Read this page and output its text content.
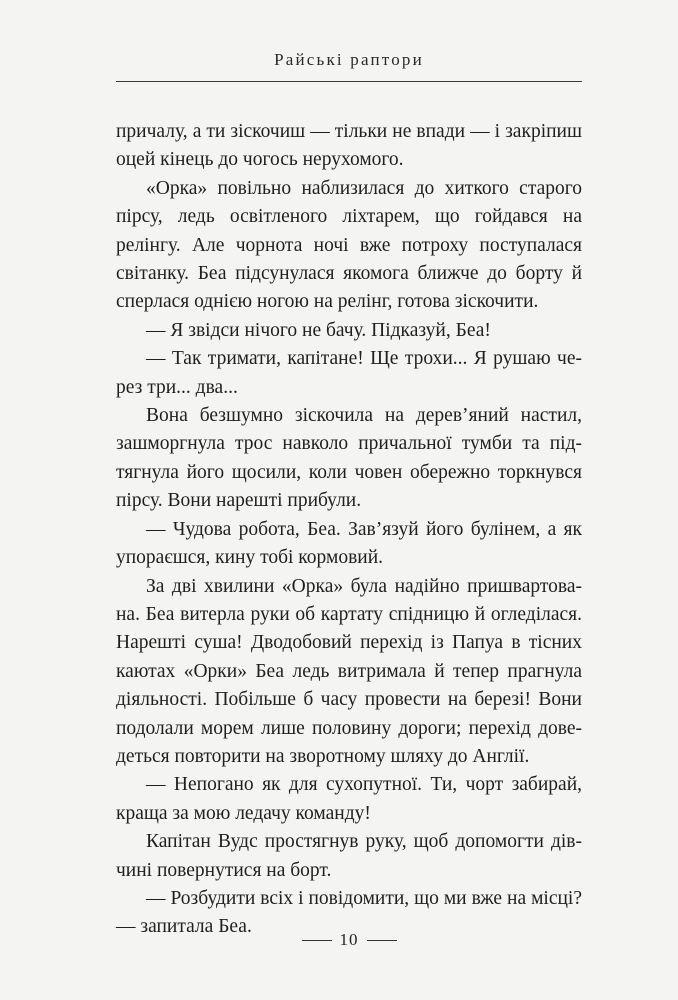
Райські раптори

причалу, а ти зіскочиш — тільки не впади — і закріпиш оцей кінець до чогось нерухомого.

«Орка» повільно наблизилася до хиткого старого пірсу, ледь освітленого ліхтарем, що гойдався на релінгу. Але чорнота ночі вже потроху поступалася світанку. Беа підсунулася якомога ближче до борту й сперлася однією ногою на релінг, готова зіскочити.

— Я звідси нічого не бачу. Підказуй, Беа!

— Так тримати, капітане! Ще трохи... Я рушаю через три... два...

Вона безшумно зіскочила на дерев’яний настил, зашморгнула трос навколо причальної тумби та підтягнула його щосили, коли човен обережно торкнувся пірсу. Вони нарешті прибули.

— Чудова робота, Беа. Зав’язуй його булінем, а як упораєшся, кину тобі кормовий.

За дві хвилини «Орка» була надійно пришвартована. Беа витерла руки об картату спідницю й огледілася. Нарешті суша! Дводобовий перехід із Папуа в тісних каютах «Орки» Беа ледь витримала й тепер прагнула діяльності. Побільше б часу провести на березі! Вони подолали морем лише половину дороги; перехід доведеться повторити на зворотному шляху до Англії.

— Непогано як для сухопутної. Ти, чорт забирай, краща за мою ледачу команду!

Капітан Вудс простягнув руку, щоб допомогти дівчині повернутися на борт.

— Розбудити всіх і повідомити, що ми вже на місці? — запитала Беа.

10
